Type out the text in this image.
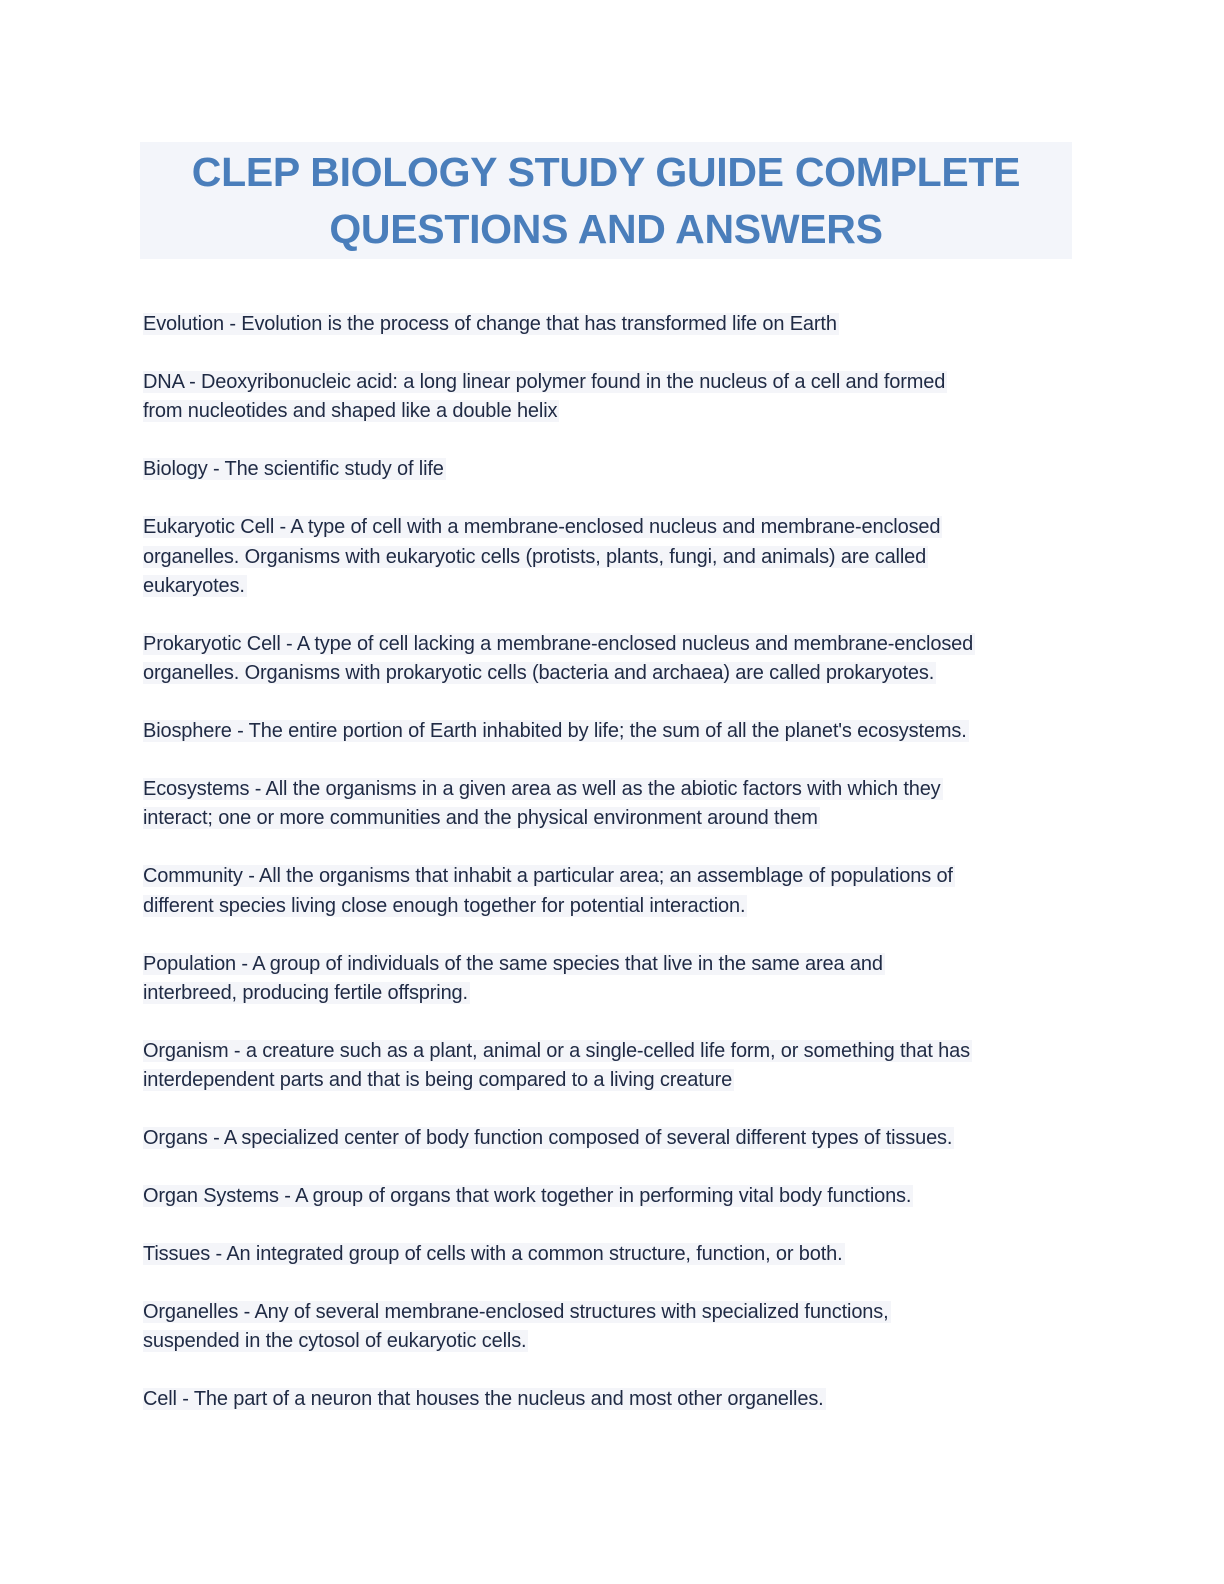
CLEP BIOLOGY STUDY GUIDE COMPLETE
QUESTIONS AND ANSWERS

Evolution - Evolution is the process of change that has transformed life on Earth

DNA - Deoxyribonucleic acid: a long linear polymer found in the nucleus of a cell and formed
from nucleotides and shaped like a double helix

Biology - The scientific study of life

Eukaryotic Cell - A type of cell with a membrane-enclosed nucleus and membrane-enclosed
organelles. Organisms with eukaryotic cells (protists, plants, fungi, and animals) are called
eukaryotes.

Prokaryotic Cell - A type of cell lacking a membrane-enclosed nucleus and membrane-enclosed
organelles. Organisms with prokaryotic cells (bacteria and archaea) are called prokaryotes.

Biosphere - The entire portion of Earth inhabited by life; the sum of all the planet's ecosystems.

Ecosystems - All the organisms in a given area as well as the abiotic factors with which they
interact; one or more communities and the physical environment around them

Community - All the organisms that inhabit a particular area; an assemblage of populations of
different species living close enough together for potential interaction.

Population - A group of individuals of the same species that live in the same area and
interbreed, producing fertile offspring.

Organism - a creature such as a plant, animal or a single-celled life form, or something that has
interdependent parts and that is being compared to a living creature

Organs - A specialized center of body function composed of several different types of tissues.

Organ Systems - A group of organs that work together in performing vital body functions.

Tissues - An integrated group of cells with a common structure, function, or both.

Organelles - Any of several membrane-enclosed structures with specialized functions,
suspended in the cytosol of eukaryotic cells.

Cell - The part of a neuron that houses the nucleus and most other organelles.
